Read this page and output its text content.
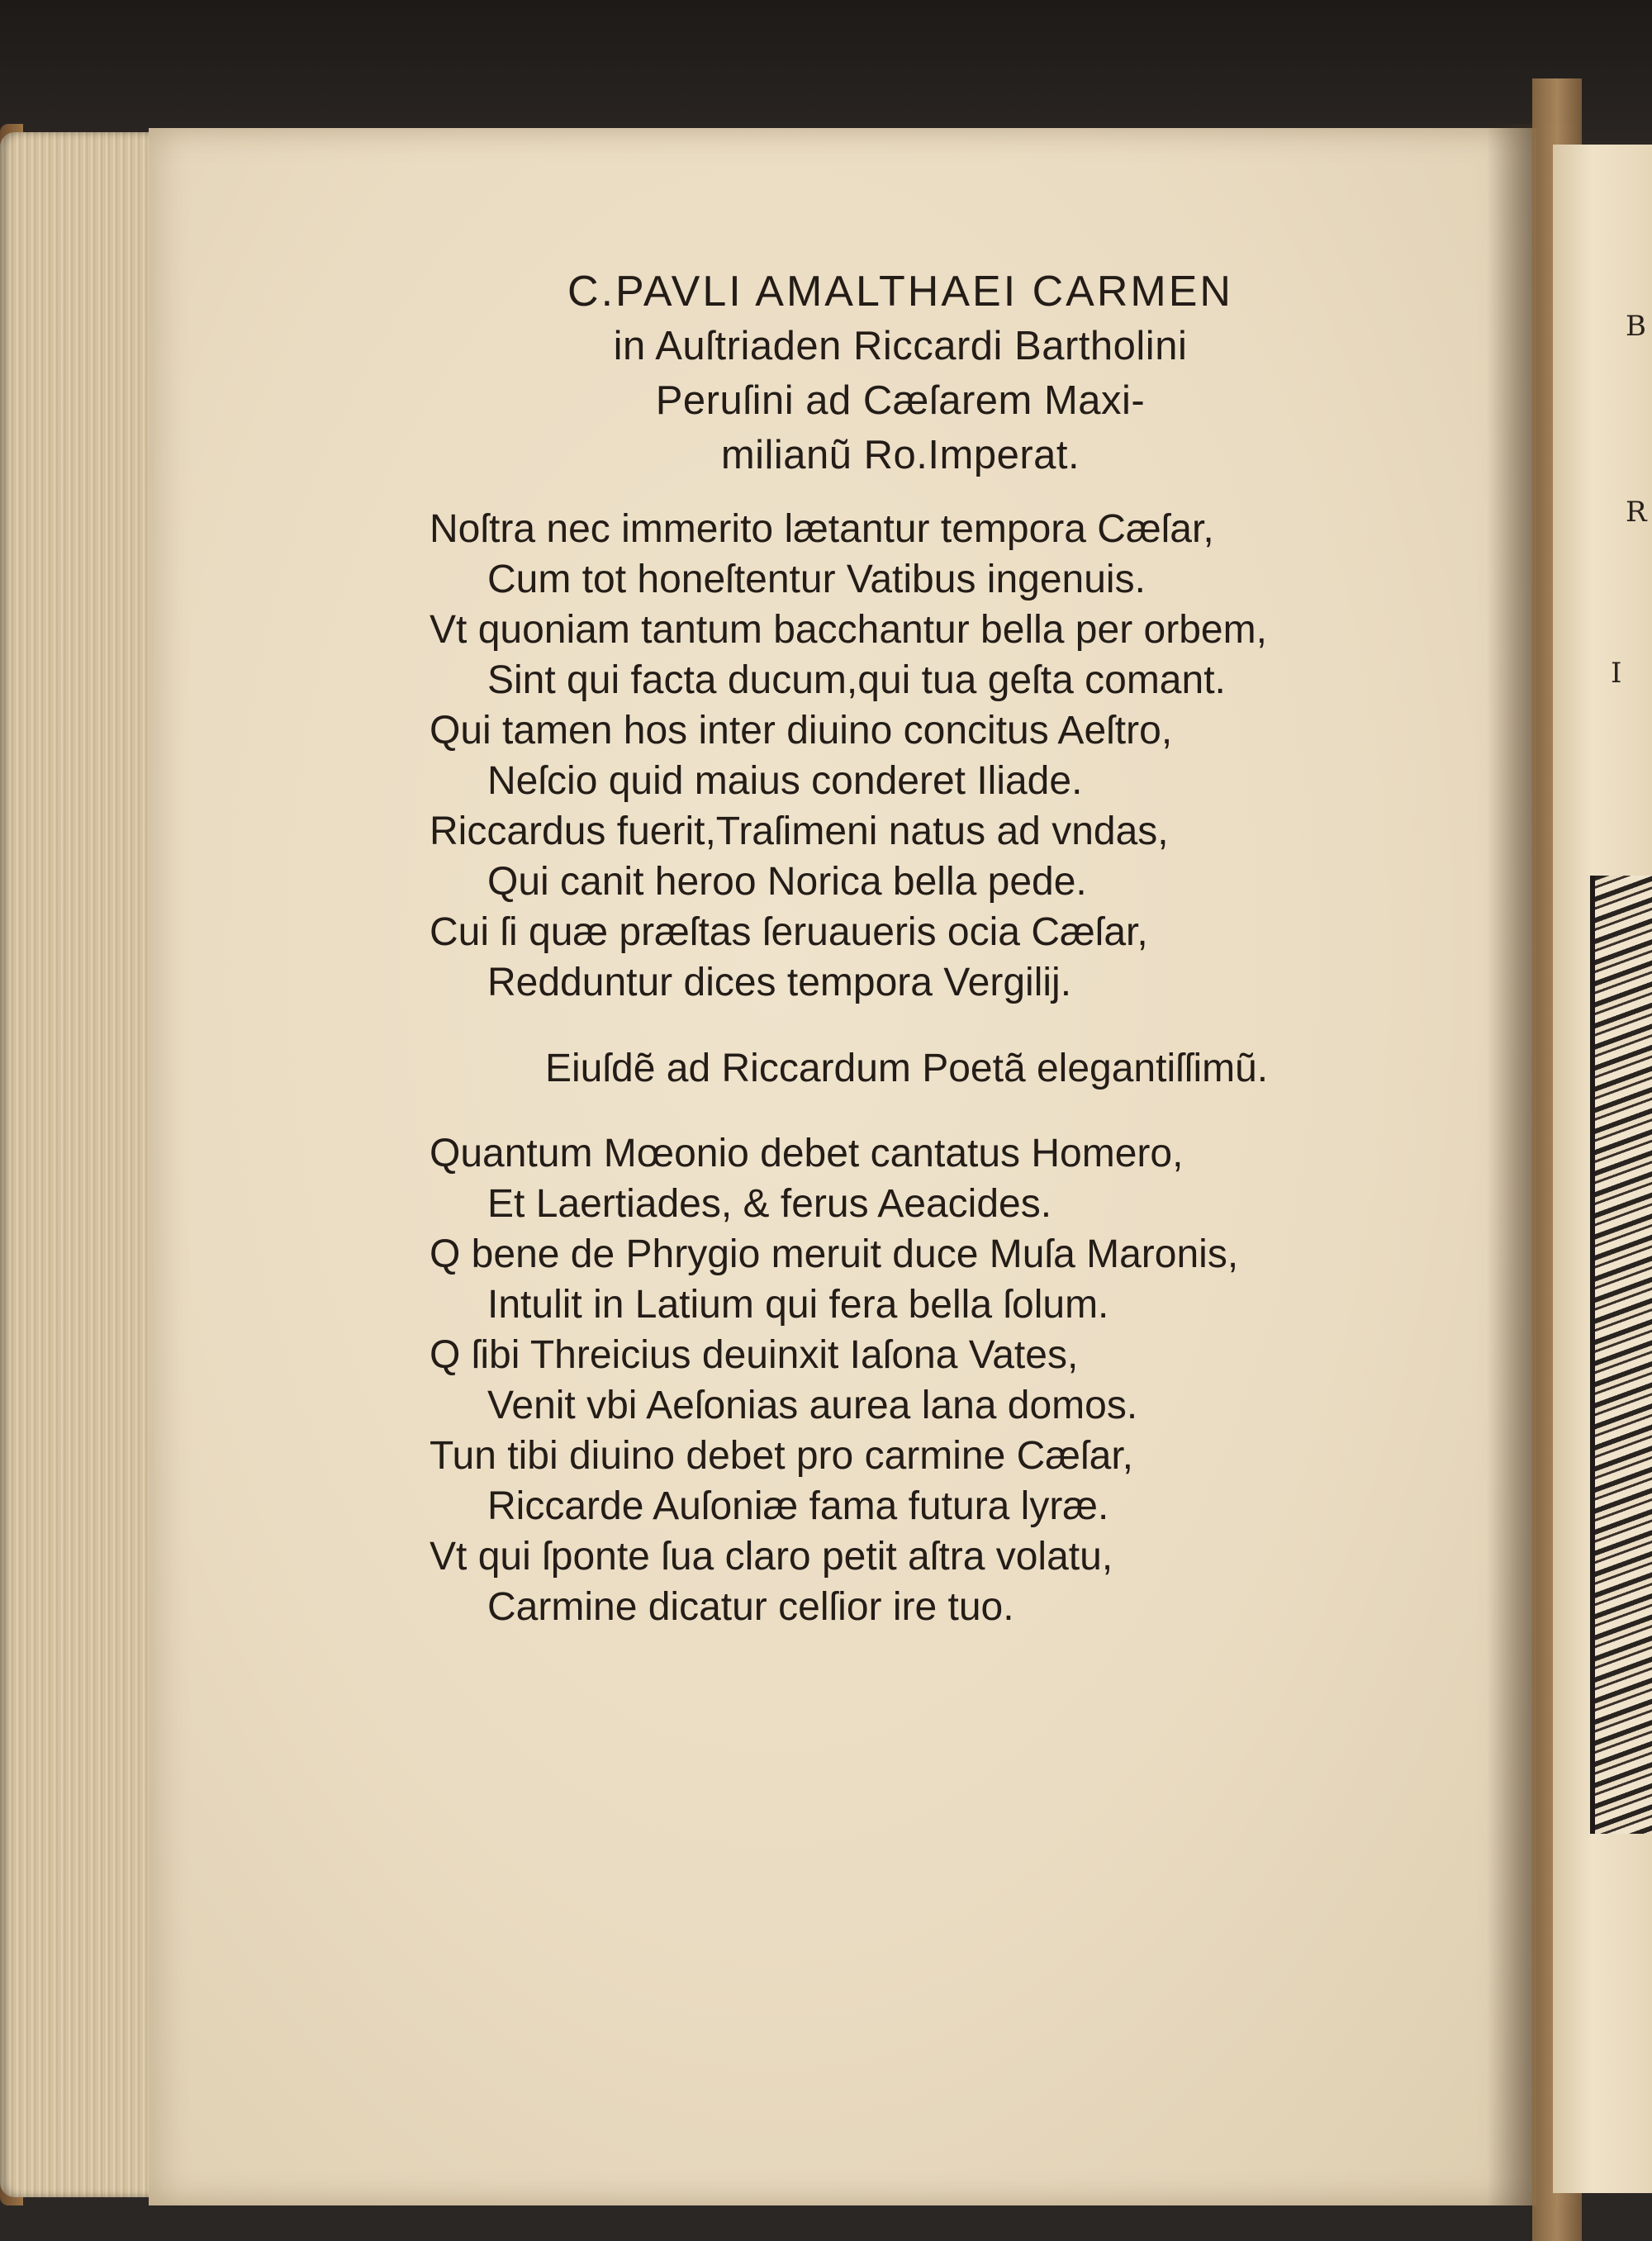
B
R
I
C.PAVLI AMALTHAEI CARMEN
in Auſtriaden Riccardi Bartholini
Peruſini ad Cæſarem Maxi-
milianũ Ro.Imperat.
Noſtra nec immerito lætantur tempora Cæſar,
Cum tot honeſtentur Vatibus ingenuis.
Vt quoniam tantum bacchantur bella per orbem,
Sint qui facta ducum,qui tua geſta comant.
Qui tamen hos inter diuino concitus Aeſtro,
Neſcio quid maius conderet Iliade.
Riccardus fuerit,Traſimeni natus ad vndas,
Qui canit heroo Norica bella pede.
Cui ſi quæ præſtas ſeruaueris ocia Cæſar,
Redduntur dices tempora Vergilij.
Eiuſdẽ ad Riccardum Poetã elegantiſſimũ.
Quantum Mœonio debet cantatus Homero,
Et Laertiades, & ferus Aeacides.
Q bene de Phrygio meruit duce Muſa Maronis,
Intulit in Latium qui fera bella ſolum.
Q ſibi Threicius deuinxit Iaſona Vates,
Venit vbi Aeſonias aurea lana domos.
Tun tibi diuino debet pro carmine Cæſar,
Riccarde Auſoniæ fama futura lyræ.
Vt qui ſponte ſua claro petit aſtra volatu,
Carmine dicatur celſior ire tuo.
